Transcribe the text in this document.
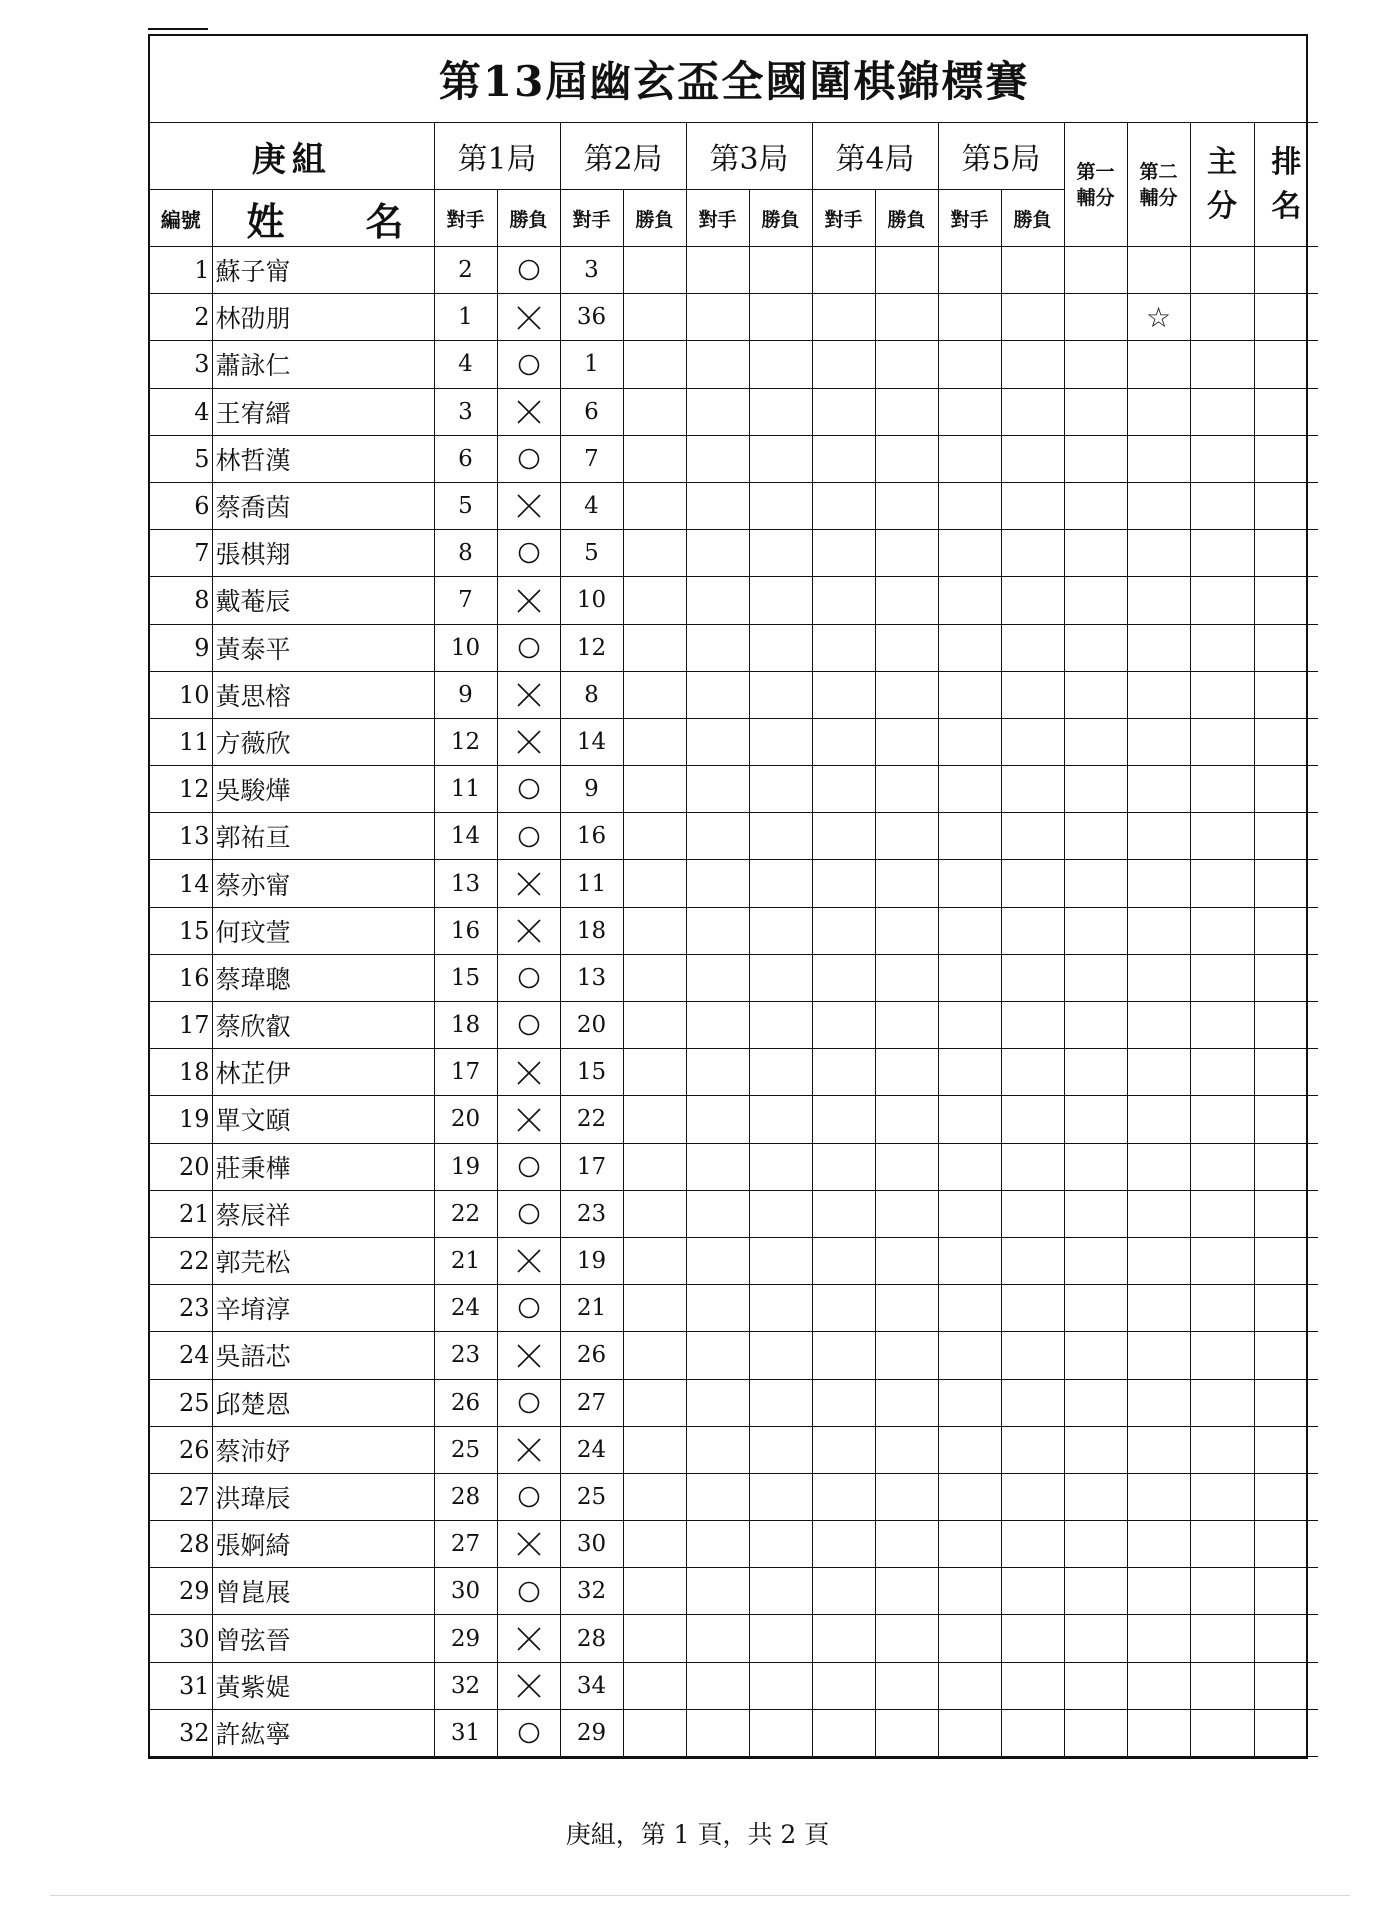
第13屆幽玄盃全國圍棋錦標賽															
庚組		第1局		第2局		第3局		第4局		第5局		第一輔分	第二輔分	主分	排名
編號	姓 名	對手	勝負	對手	勝負	對手	勝負	對手	勝負	對手	勝負				
1	蘇子甯	2		3											
2	林劭朋	1		36									☆		
3	蕭詠仁	4		1											
4	王宥縉	3		6											
5	林哲漢	6		7											
6	蔡喬茵	5		4											
7	張棋翔	8		5											
8	戴菴辰	7		10											
9	黃泰平	10		12											
10	黃思榕	9		8											
11	方薇欣	12		14											
12	吳駿燁	11		9											
13	郭祐亘	14		16											
14	蔡亦甯	13		11											
15	何玟萱	16		18											
16	蔡瑋聰	15		13											
17	蔡欣叡	18		20											
18	林芷伊	17		15											
19	單文頤	20		22											
20	莊秉樺	19		17											
21	蔡辰祥	22		23											
22	郭芫松	21		19											
23	辛堉淳	24		21											
24	吳語芯	23		26											
25	邱楚恩	26		27											
26	蔡沛妤	25		24											
27	洪瑋辰	28		25											
28	張婀綺	27		30											
29	曾崑展	30		32											
30	曾弦晉	29		28											
31	黃紫媞	32		34											
32	許紘寧	31		29											
庚組，第 1 頁，共 2 頁
